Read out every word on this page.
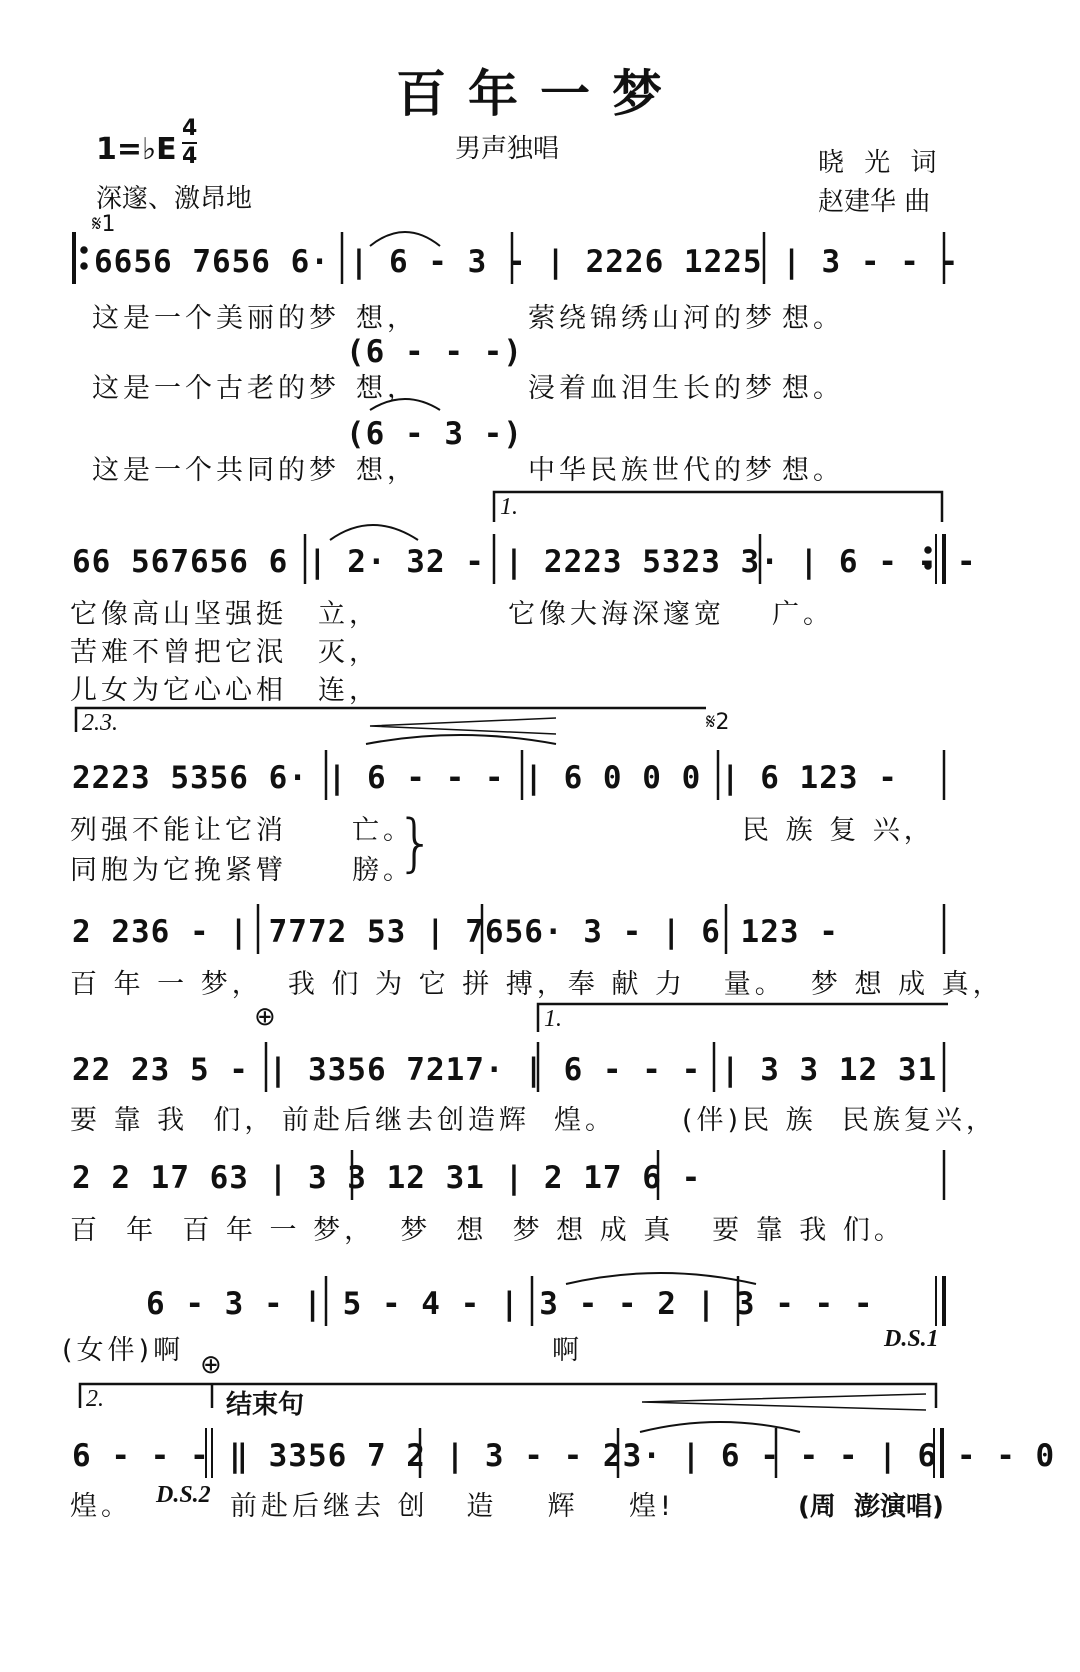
百年一梦
1=♭E
4
4	男声独唱
深邃、激昂地
晓 光 词
赵建华 曲
𝄋1
6656 7656 6· | 6 - 3 - | 2226 1225 | 3 - - -
这是一个美丽的梦 想，	萦绕锦绣山河的梦 想。
(6 - - -)
这是一个古老的梦 想，	浸着血泪生长的梦 想。
(6 - 3 -)
这是一个共同的梦 想，	中华民族世代的梦 想。
1.
66 567656 6 | 2· 32 - | 2223 5323 3· | 6 - - -
它像高山坚强挺 立，	它像大海深邃宽 广。
苦难不曾把它泯 灭，
儿女为它心心相 连，
2.3.	𝄋2
2223 5356 6· | 6 - - - | 6 0 0 0 | 6 123 -
列强不能让它消 亡。	民 族 复 兴，
同胞为它挽紧臂 膀。
}
2 236 - | 7772 53 | 7656· 3 - | 6 123 -
百 年 一 梦，  我 们 为 它 拼 搏，奉 献 力   量。  梦 想 成 真，
⊕	1.
22 23 5 - | 3356 7217· | 6 - - - | 3 3 12 31
要 靠 我  们， 前赴后继去创造辉 煌。 (伴)民 族  民族复兴，
2 2 17 63 | 3 3 12 31 | 2 17 6 -
百  年  百 年 一 梦，  梦  想  梦 想 成 真   要 靠 我 们。
6 - 3 - | 5 - 4 - | 3 - - 2 | 3 - - -
(女伴)啊	啊	D.S.1
⊕
2.	结束句
6 - - - ‖ 3356 7 2 | 3 - - 23· | 6 - - - | 6 - - 0
煌。 D.S.2 前赴后继去 创   造    辉    煌!	(周  澎演唱)
